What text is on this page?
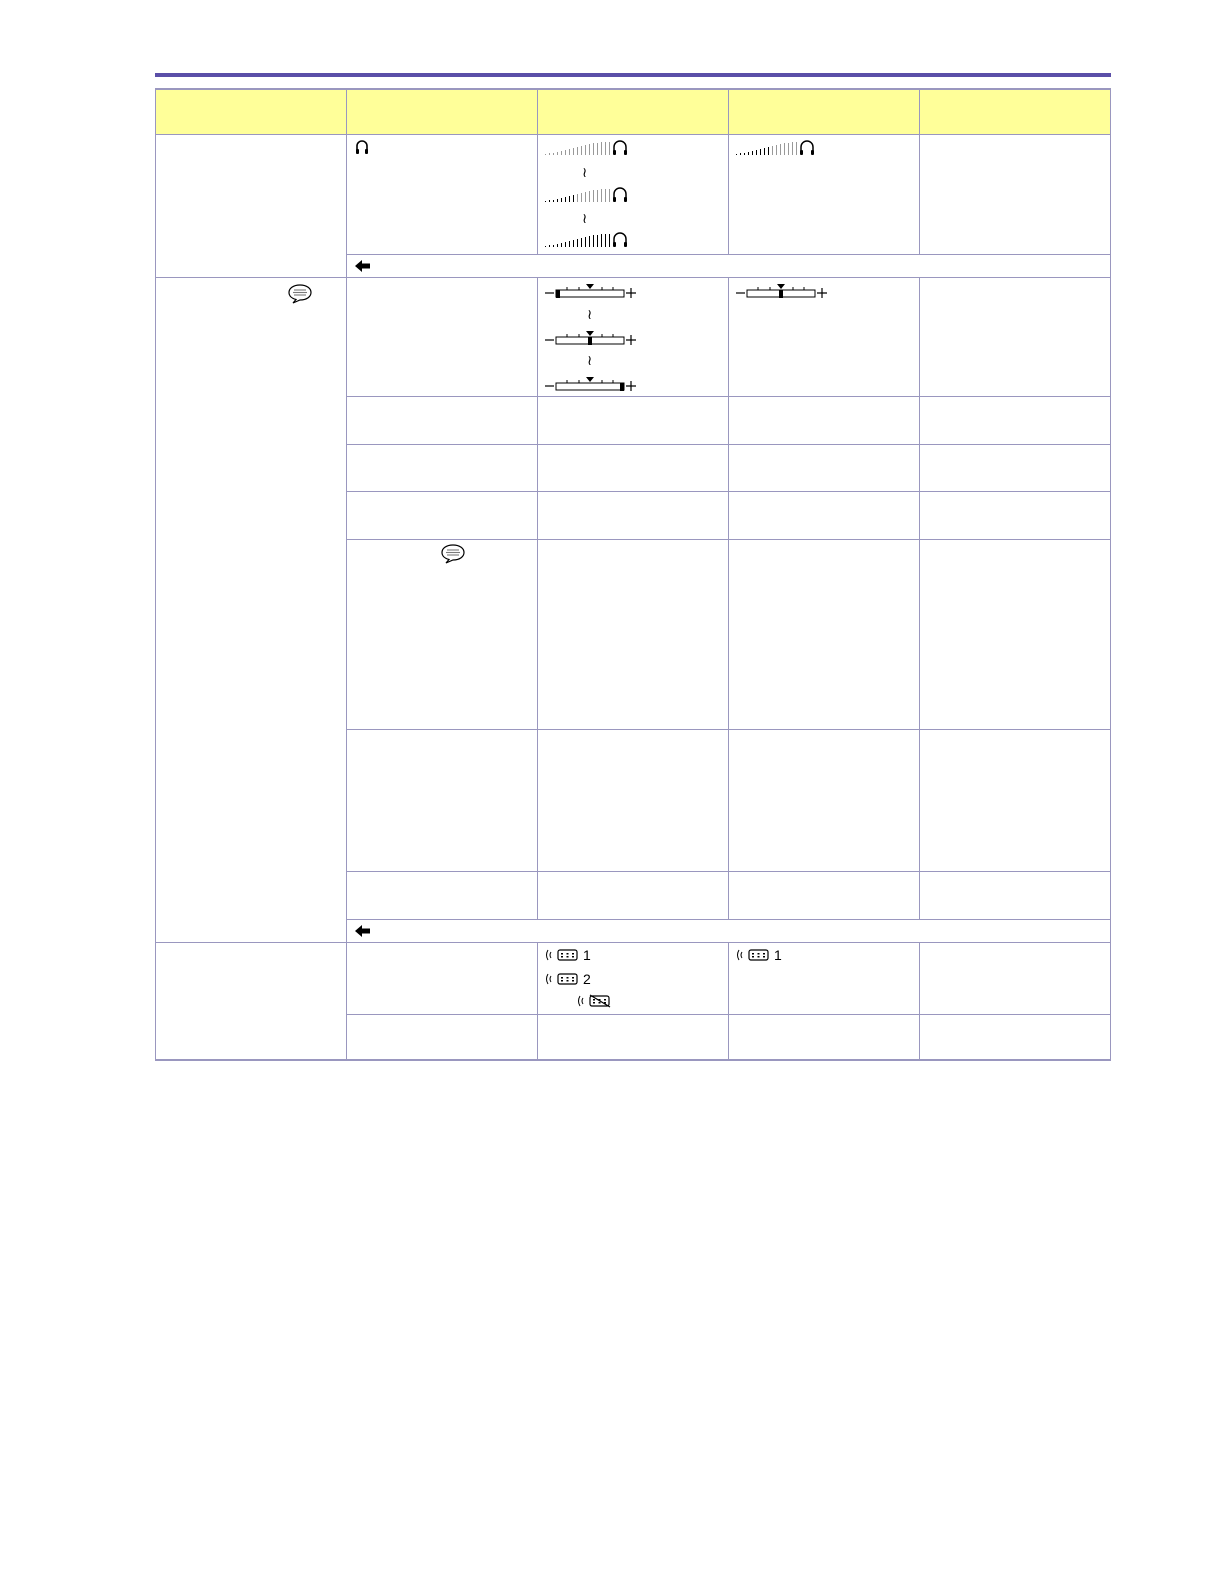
≀
≀
≀
≀
1
2
1
